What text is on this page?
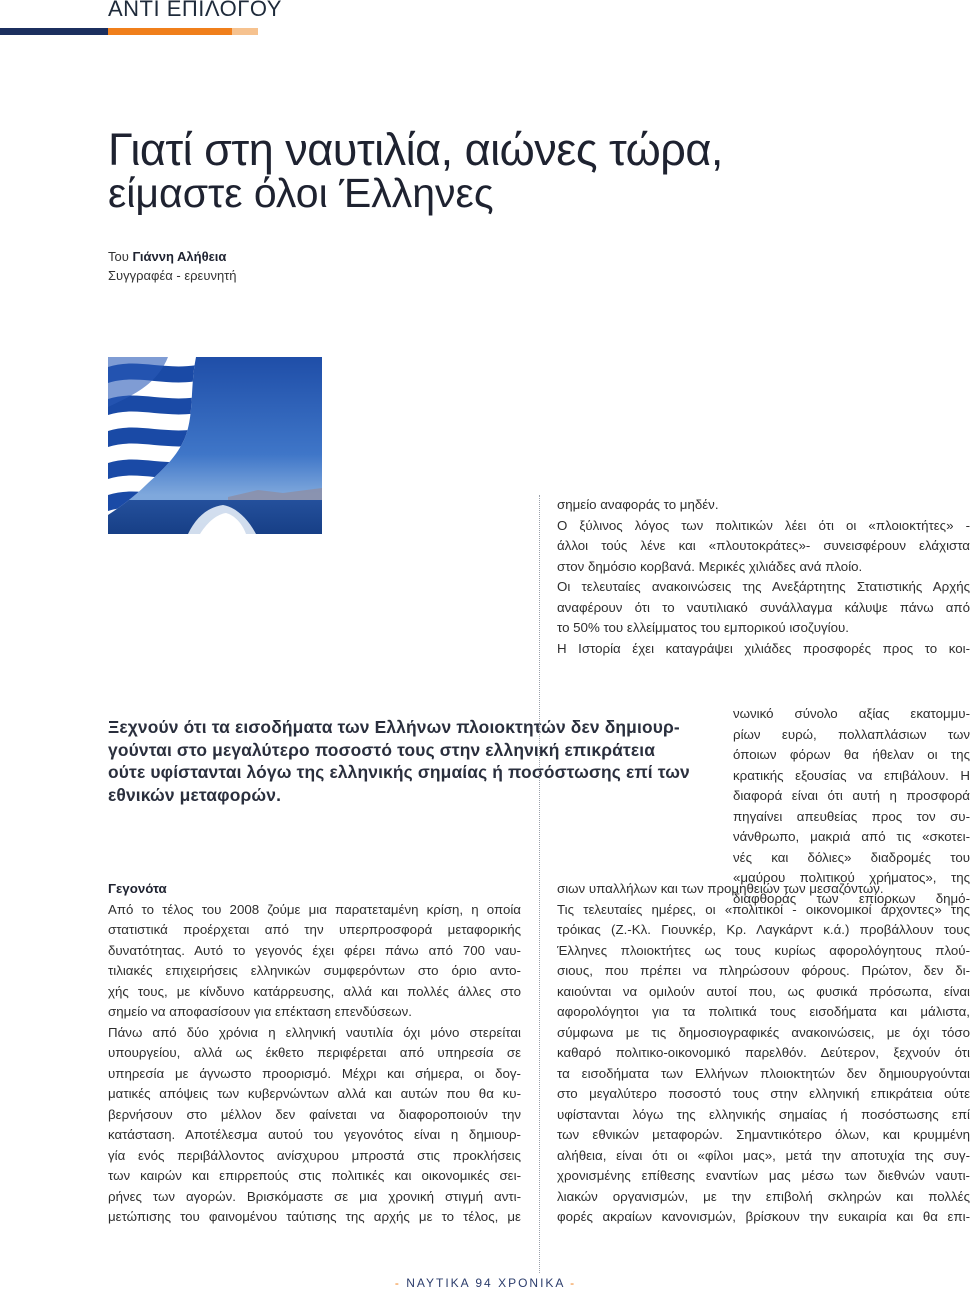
ΑΝΤΙ ΕΠΙΛΟΓΟΥ
Γιατί στη ναυτιλία, αιώνες τώρα,
είμαστε όλοι Έλληνες
Του Γιάννη Αλήθεια
Συγγραφέα - ερευνητή
Ξεχνούν ότι τα εισοδήματα των Ελλήνων πλοιοκτητών δεν δημιουρ-
γούνται στο μεγαλύτερο ποσοστό τους στην ελληνική επικράτεια
ούτε υφίστανται λόγω της ελληνικής σημαίας ή ποσόστωσης επί των
εθνικών μεταφορών.
Γεγονότα
Από το τέλος του 2008 ζούμε μια παρατεταμένη κρίση, η οποία
στατιστικά προέρχεται από την υπερπροσφορά μεταφορικής
δυνατότητας. Αυτό το γεγονός έχει φέρει πάνω από 700 ναυ-
τιλιακές επιχειρήσεις ελληνικών συμφερόντων στο όριο αντο-
χής τους, με κίνδυνο κατάρρευσης, αλλά και πολλές άλλες στο
σημείο να αποφασίσουν για επέκταση επενδύσεων.
Πάνω από δύο χρόνια η ελληνική ναυτιλία όχι μόνο στερείται
υπουργείου, αλλά ως έκθετο περιφέρεται από υπηρεσία σε
υπηρεσία με άγνωστο προορισμό. Μέχρι και σήμερα, οι δογ-
ματικές απόψεις των κυβερνώντων αλλά και αυτών που θα κυ-
βερνήσουν στο μέλλον δεν φαίνεται να διαφοροποιούν την
κατάσταση. Αποτέλεσμα αυτού του γεγονότος είναι η δημιουρ-
γία ενός περιβάλλοντος ανίσχυρου μπροστά στις προκλήσεις
των καιρών και επιρρεπούς στις πολιτικές και οικονομικές σει-
ρήνες των αγορών. Βρισκόμαστε σε μια χρονική στιγμή αντι-
μετώπισης του φαινομένου ταύτισης της αρχής με το τέλος, με
σημείο αναφοράς το μηδέν.
Ο ξύλινος λόγος των πολιτικών λέει ότι οι «πλοιοκτήτες» -
άλλοι τούς λένε και «πλουτοκράτες»- συνεισφέρουν ελάχιστα
στον δημόσιο κορβανά. Μερικές χιλιάδες ανά πλοίο.
Οι τελευταίες ανακοινώσεις της Ανεξάρτητης Στατιστικής Αρχής
αναφέρουν ότι το ναυτιλιακό συνάλλαγμα κάλυψε πάνω από
το 50% του ελλείμματος του εμπορικού ισοζυγίου.
Η Ιστορία έχει καταγράψει χιλιάδες προσφορές προς το κοι-
νωνικό σύνολο αξίας εκατομμυ-
ρίων ευρώ, πολλαπλάσιων των
όποιων φόρων θα ήθελαν οι της
κρατικής εξουσίας να επιβάλουν. Η
διαφορά είναι ότι αυτή η προσφορά
πηγαίνει απευθείας προς τον συ-
νάνθρωπο, μακριά από τις «σκοτει-
νές και δόλιες» διαδρομές του
«μαύρου πολιτικού χρήματος», της
διαφθοράς των επίορκων δημό-
σιων υπαλλήλων και των προμηθειών των μεσαζόντων.
Τις τελευταίες ημέρες, οι «πολιτικοί - οικονομικοί άρχοντες» της
τρόικας (Ζ.-Κλ. Γιουνκέρ, Κρ. Λαγκάρντ κ.ά.) προβάλλουν τους
Έλληνες πλοιοκτήτες ως τους κυρίως αφορολόγητους πλού-
σιους, που πρέπει να πληρώσουν φόρους. Πρώτον, δεν δι-
καιούνται να ομιλούν αυτοί που, ως φυσικά πρόσωπα, είναι
αφορολόγητοι για τα πολιτικά τους εισοδήματα και μάλιστα,
σύμφωνα με τις δημοσιογραφικές ανακοινώσεις, με όχι τόσο
καθαρό πολιτικο-οικονομικό παρελθόν. Δεύτερον, ξεχνούν ότι
τα εισοδήματα των Ελλήνων πλοιοκτητών δεν δημιουργούνται
στο μεγαλύτερο ποσοστό τους στην ελληνική επικράτεια ούτε
υφίστανται λόγω της ελληνικής σημαίας ή ποσόστωσης επί
των εθνικών μεταφορών. Σημαντικότερο όλων, και κρυμμένη
αλήθεια, είναι ότι οι «φίλοι μας», μετά την αποτυχία της συγ-
χρονισμένης επίθεσης εναντίων μας μέσω των διεθνών ναυτι-
λιακών οργανισμών, με την επιβολή σκληρών και πολλές
φορές ακραίων κανονισμών, βρίσκουν την ευκαιρία και θα επι-
- ΝΑΥΤΙΚΑ 94 ΧΡΟΝΙΚΑ -
